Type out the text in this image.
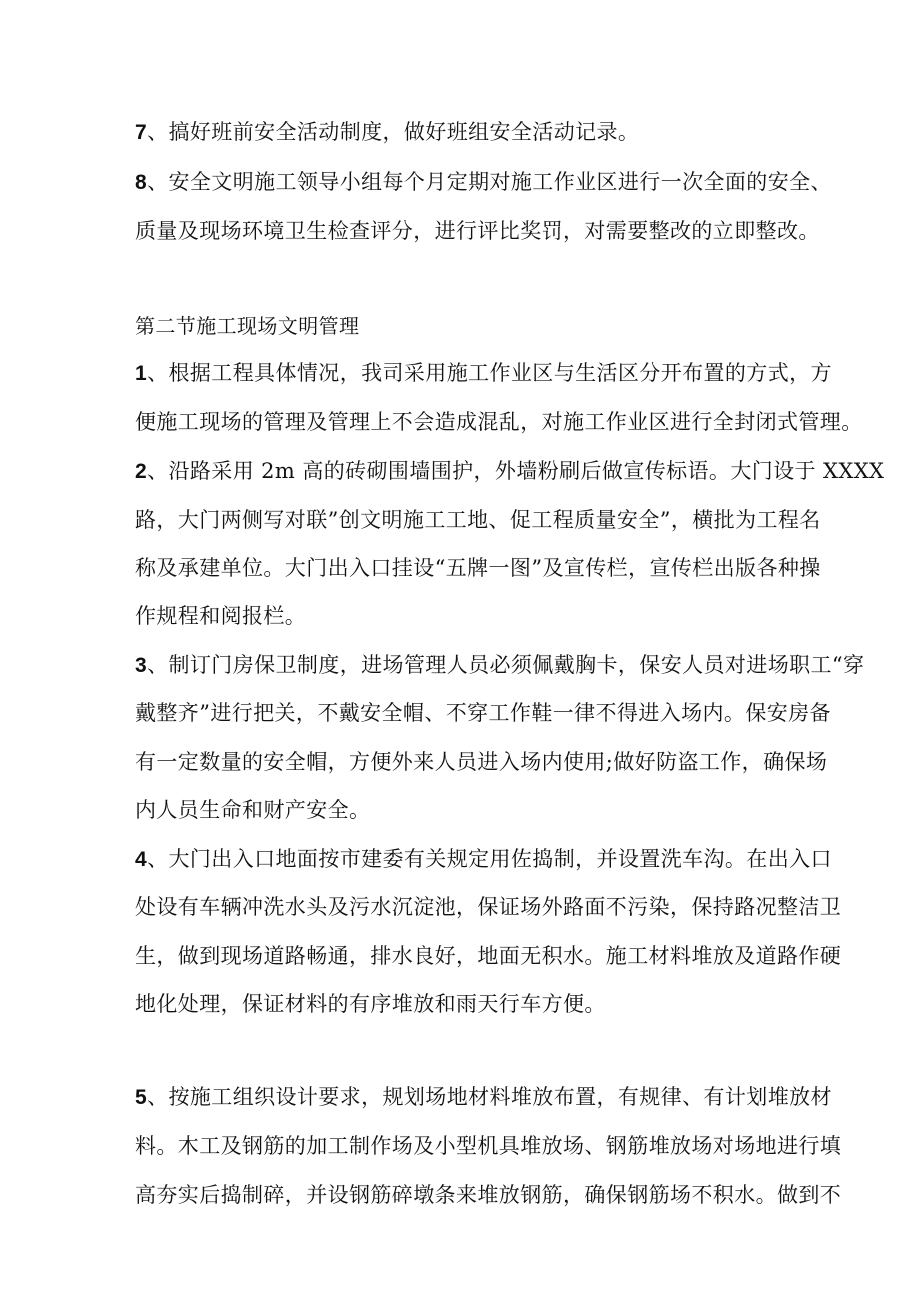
7、搞好班前安全活动制度，做好班组安全活动记录。
8、安全文明施工领导小组每个月定期对施工作业区进行一次全面的安全、
质量及现场环境卫生检查评分，进行评比奖罚，对需要整改的立即整改。
第二节施工现场文明管理
1、根据工程具体情况，我司采用施工作业区与生活区分开布置的方式，方
便施工现场的管理及管理上不会造成混乱，对施工作业区进行全封闭式管理。
2、沿路采用 2m 高的砖砌围墙围护，外墙粉刷后做宣传标语。大门设于 XXXX
路，大门两侧写对联”创文明施工工地、促工程质量安全”，横批为工程名
称及承建单位。大门出入口挂设“五牌一图”及宣传栏，宣传栏出版各种操
作规程和阅报栏。
3、制订门房保卫制度，进场管理人员必须佩戴胸卡，保安人员对进场职工“穿
戴整齐”进行把关，不戴安全帽、不穿工作鞋一律不得进入场内。保安房备
有一定数量的安全帽，方便外来人员进入场内使用;做好防盗工作，确保场
内人员生命和财产安全。
4、大门出入口地面按市建委有关规定用佐捣制，并设置洗车沟。在出入口
处设有车辆冲洗水头及污水沉淀池，保证场外路面不污染，保持路况整洁卫
生，做到现场道路畅通，排水良好，地面无积水。施工材料堆放及道路作硬
地化处理，保证材料的有序堆放和雨天行车方便。
5、按施工组织设计要求，规划场地材料堆放布置，有规律、有计划堆放材
料。木工及钢筋的加工制作场及小型机具堆放场、钢筋堆放场对场地进行填
高夯实后捣制碎，并设钢筋碎墩条来堆放钢筋，确保钢筋场不积水。做到不
